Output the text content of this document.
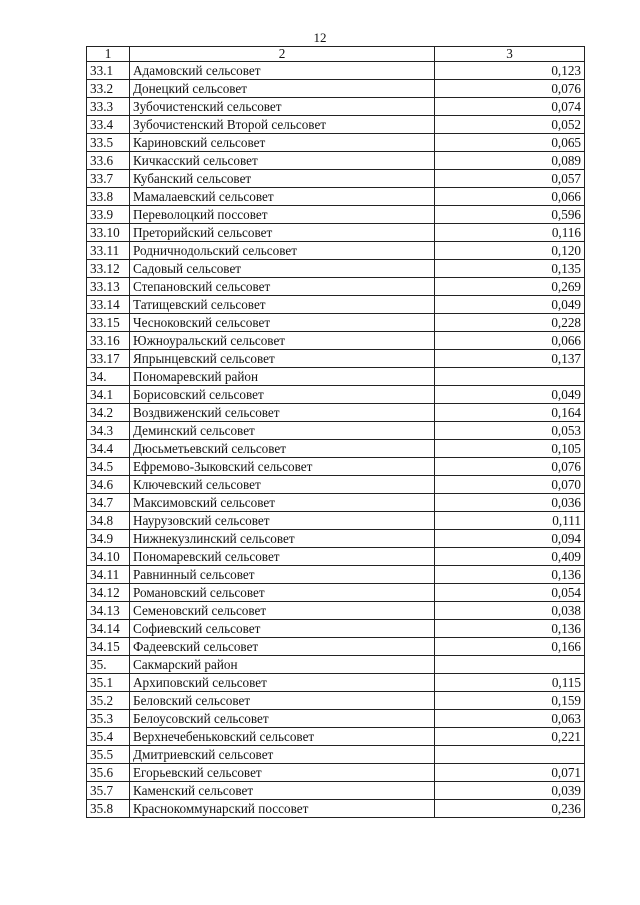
12
1	2	3
33.1	Адамовский сельсовет	0,123
33.2	Донецкий сельсовет	0,076
33.3	Зубочистенский сельсовет	0,074
33.4	Зубочистенский Второй сельсовет	0,052
33.5	Кариновский сельсовет	0,065
33.6	Кичкасский сельсовет	0,089
33.7	Кубанский сельсовет	0,057
33.8	Мамалаевский сельсовет	0,066
33.9	Переволоцкий поссовет	0,596
33.10	Преторийский сельсовет	0,116
33.11	Родничнодольский сельсовет	0,120
33.12	Садовый сельсовет	0,135
33.13	Степановский сельсовет	0,269
33.14	Татищевский сельсовет	0,049
33.15	Чесноковский сельсовет	0,228
33.16	Южноуральский сельсовет	0,066
33.17	Япрынцевский сельсовет	0,137
34.	Пономаревский район	
34.1	Борисовский сельсовет	0,049
34.2	Воздвиженский сельсовет	0,164
34.3	Деминский сельсовет	0,053
34.4	Дюсьметьевский сельсовет	0,105
34.5	Ефремово-Зыковский сельсовет	0,076
34.6	Ключевский сельсовет	0,070
34.7	Максимовский сельсовет	0,036
34.8	Наурузовский сельсовет	0,111
34.9	Нижнекузлинский сельсовет	0,094
34.10	Пономаревский сельсовет	0,409
34.11	Равнинный сельсовет	0,136
34.12	Романовский сельсовет	0,054
34.13	Семеновский сельсовет	0,038
34.14	Софиевский сельсовет	0,136
34.15	Фадеевский сельсовет	0,166
35.	Сакмарский район	
35.1	Архиповский сельсовет	0,115
35.2	Беловский сельсовет	0,159
35.3	Белоусовский сельсовет	0,063
35.4	Верхнечебеньковский сельсовет	0,221
35.5	Дмитриевский сельсовет	
35.6	Егорьевский сельсовет	0,071
35.7	Каменский сельсовет	0,039
35.8	Краснокоммунарский поссовет	0,236
